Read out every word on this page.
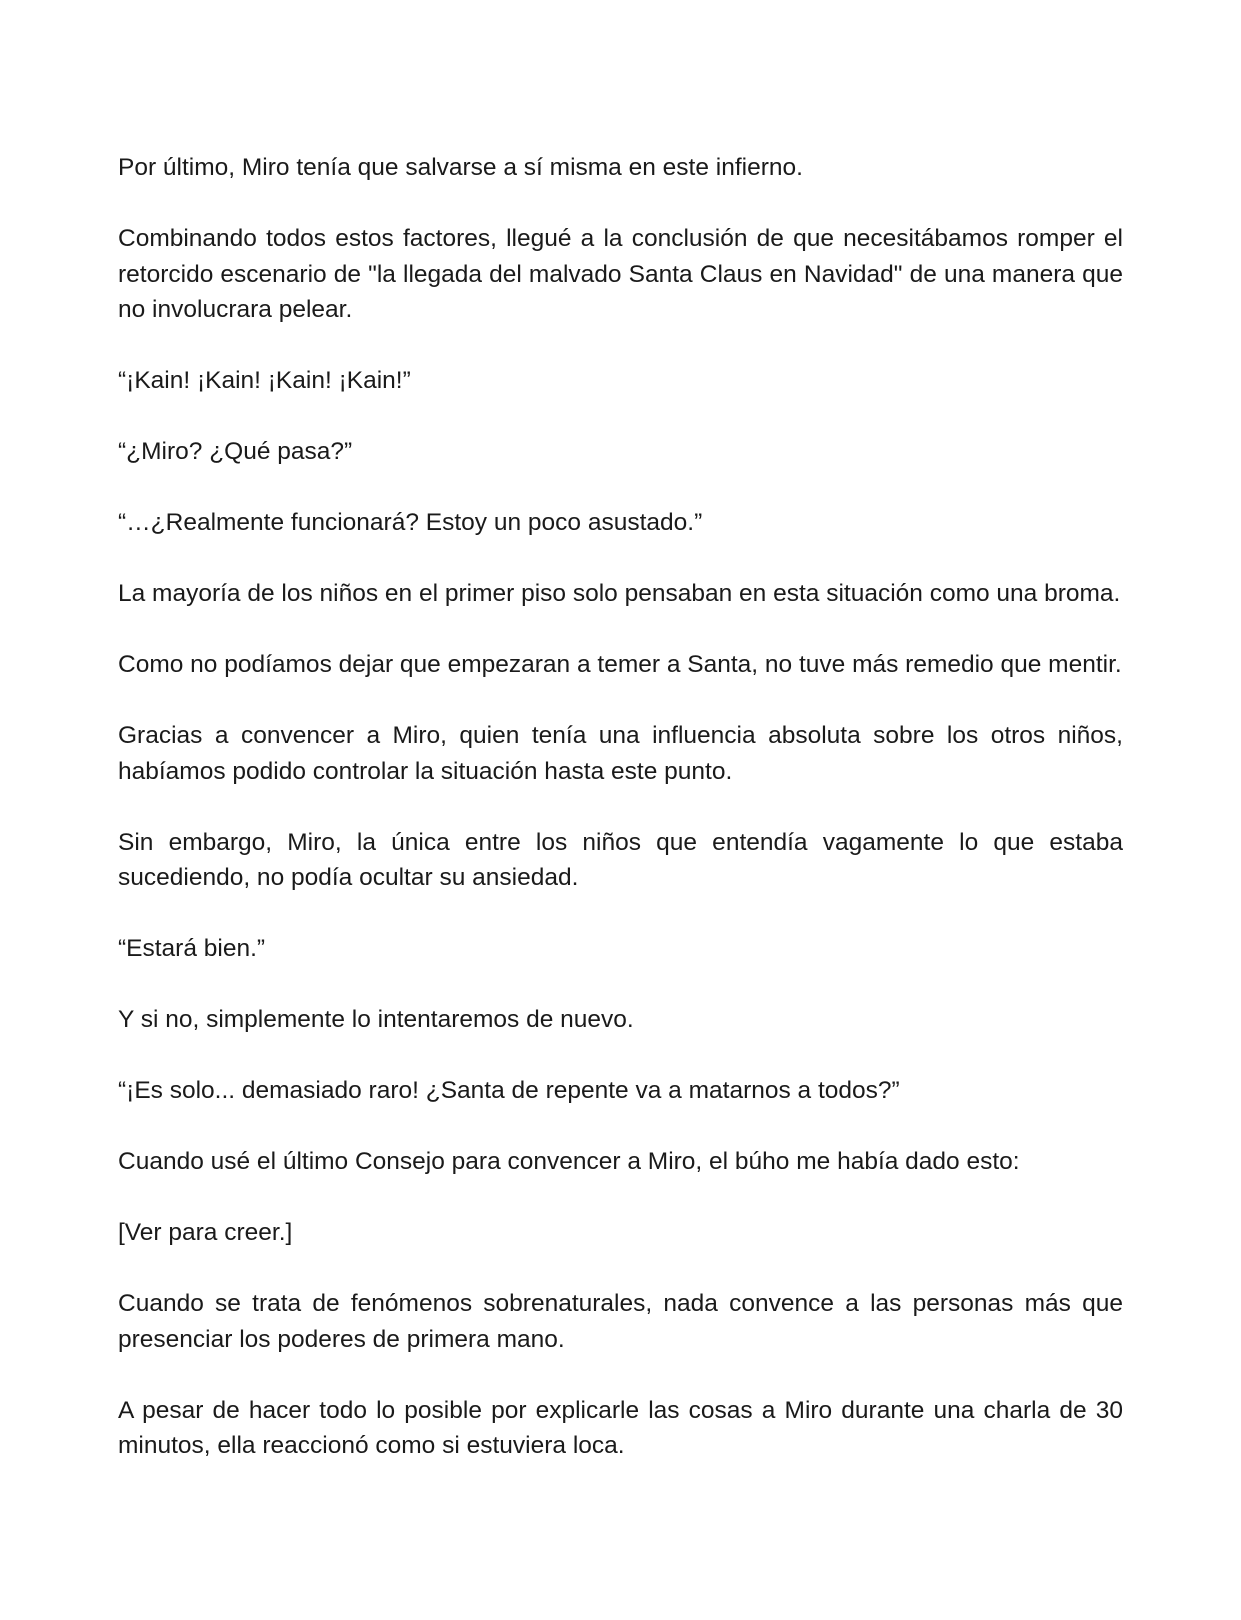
Por último, Miro tenía que salvarse a sí misma en este infierno.

Combinando todos estos factores, llegué a la conclusión de que necesitábamos romper el retorcido escenario de "la llegada del malvado Santa Claus en Navidad" de una manera que no involucrara pelear.

“¡Kain! ¡Kain! ¡Kain! ¡Kain!”

“¿Miro? ¿Qué pasa?”

“…¿Realmente funcionará? Estoy un poco asustado.”

La mayoría de los niños en el primer piso solo pensaban en esta situación como una broma.

Como no podíamos dejar que empezaran a temer a Santa, no tuve más remedio que mentir.

Gracias a convencer a Miro, quien tenía una influencia absoluta sobre los otros niños, habíamos podido controlar la situación hasta este punto.

Sin embargo, Miro, la única entre los niños que entendía vagamente lo que estaba sucediendo, no podía ocultar su ansiedad.

“Estará bien.”

Y si no, simplemente lo intentaremos de nuevo.

“¡Es solo... demasiado raro! ¿Santa de repente va a matarnos a todos?”

Cuando usé el último Consejo para convencer a Miro, el búho me había dado esto:

[Ver para creer.]

Cuando se trata de fenómenos sobrenaturales, nada convence a las personas más que presenciar los poderes de primera mano.

A pesar de hacer todo lo posible por explicarle las cosas a Miro durante una charla de 30 minutos, ella reaccionó como si estuviera loca.
